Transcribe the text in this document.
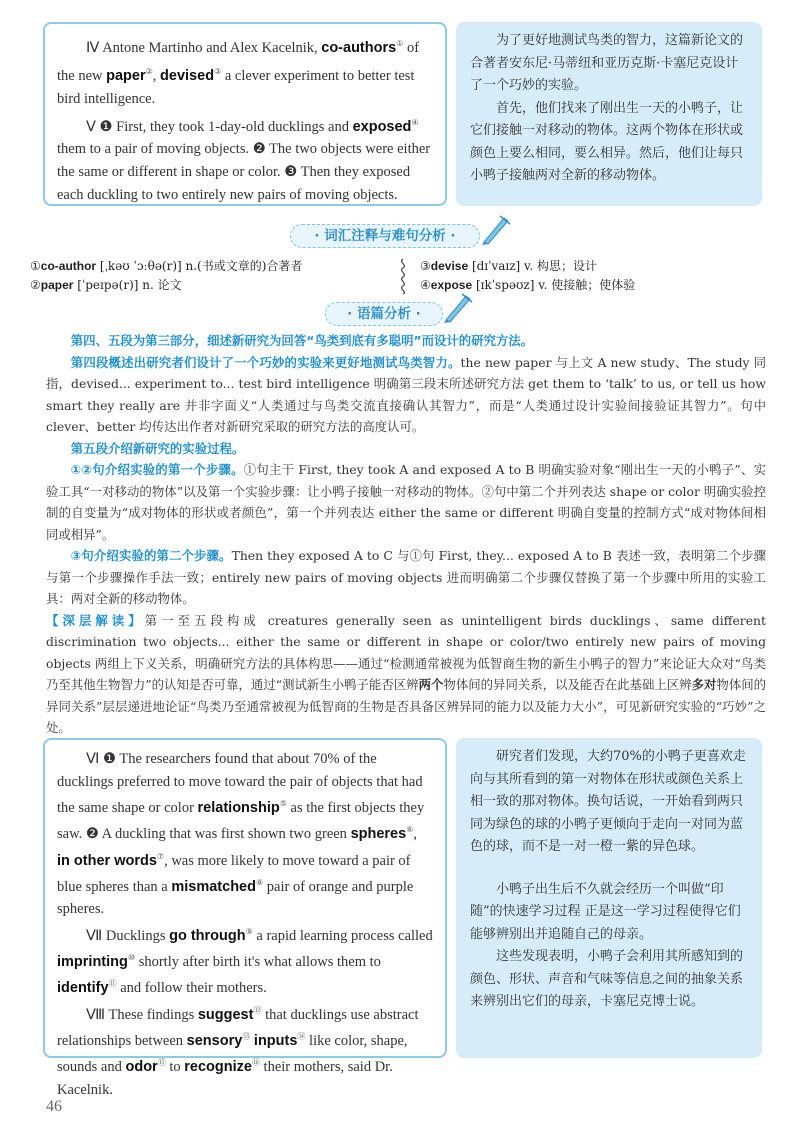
Ⅳ Antone Martinho and Alex Kacelnik, co-authors① of the new paper②, devised③ a clever experiment to better test bird intelligence.

Ⅴ ❶ First, they took 1-day-old ducklings and exposed④ them to a pair of moving objects. ❷ The two objects were either the same or different in shape or color. ❸ Then they exposed each duckling to two entirely new pairs of moving objects.

为了更好地测试鸟类的智力，这篇新论文的合著者安东尼·马蒂纽和亚历克斯·卡塞尼克设计了一个巧妙的实验。

首先，他们找来了刚出生一天的小鸭子，让它们接触一对移动的物体。这两个物体在形状或颜色上要么相同，要么相异。然后，他们让每只小鸭子接触两对全新的移动物体。

· 词汇注释与难句分析 ·
①co-author [ˌkəʊ ˈɔːθə(r)] n.(书或文章的)合著者
②paper [ˈpeɪpə(r)] n. 论文
③devise [dɪˈvaɪz] v. 构思；设计
④expose [ɪkˈspəʊz] v. 使接触；使体验
· 语篇分析 ·

第四、五段为第三部分，细述新研究为回答“鸟类到底有多聪明”而设计的研究方法。

第四段概述出研究者们设计了一个巧妙的实验来更好地测试鸟类智力。the new paper 与上文 A new study、The study 同指，devised... experiment to... test bird intelligence 明确第三段末所述研究方法 get them to ‘talk’ to us, or tell us how smart they really are 并非字面义“人类通过与鸟类交流直接确认其智力”，而是“人类通过设计实验间接验证其智力”。句中 clever、better 均传达出作者对新研究采取的研究方法的高度认可。

第五段介绍新研究的实验过程。

①②句介绍实验的第一个步骤。①句主干 First, they took A and exposed A to B 明确实验对象“刚出生一天的小鸭子”、实验工具“一对移动的物体”以及第一个实验步骤：让小鸭子接触一对移动的物体。②句中第二个并列表达 shape or color 明确实验控制的自变量为“成对物体的形状或者颜色”，第一个并列表达 either the same or different 明确自变量的控制方式“成对物体间相同或相异”。

③句介绍实验的第二个步骤。Then they exposed A to C 与①句 First, they... exposed A to B 表述一致，表明第二个步骤与第一个步骤操作手法一致；entirely new pairs of moving objects 进而明确第二个步骤仅替换了第一个步骤中所用的实验工具：两对全新的移动物体。

【深层解读】第一至五段构成 creatures generally seen as unintelligent birds ducklings、same different discrimination two objects... either the same or different in shape or color/two entirely new pairs of moving objects 两组上下义关系，明确研究方法的具体构思——通过“检测通常被视为低智商生物的新生小鸭子的智力”来论证大众对“鸟类乃至其他生物智力”的认知是否可靠，通过“测试新生小鸭子能否区辨两个物体间的异同关系，以及能否在此基础上区辨多对物体间的异同关系”层层递进地论证“鸟类乃至通常被视为低智商的生物是否具备区辨异同的能力以及能力大小”，可见新研究实验的“巧妙”之处。

Ⅵ ❶ The researchers found that about 70% of the ducklings preferred to move toward the pair of objects that had the same shape or color relationship⑤ as the first objects they saw. ❷ A duckling that was first shown two green spheres⑥, in other words⑦, was more likely to move toward a pair of blue spheres than a mismatched⑧ pair of orange and purple spheres.

Ⅶ Ducklings go through⑨ a rapid learning process called imprinting⑩ shortly after birth it's what allows them to identify⑪ and follow their mothers.

Ⅷ These findings suggest⑫ that ducklings use abstract relationships between sensory⑬ inputs⑭ like color, shape, sounds and odor⑮ to recognize⑯ their mothers, said Dr. Kacelnik.

研究者们发现，大约70%的小鸭子更喜欢走向与其所看到的第一对物体在形状或颜色关系上相一致的那对物体。换句话说，一开始看到两只同为绿色的球的小鸭子更倾向于走向一对同为蓝色的球，而不是一对一橙一紫的异色球。

小鸭子出生后不久就会经历一个叫做“印随”的快速学习过程 正是这一学习过程使得它们能够辨别出并追随自己的母亲。

这些发现表明，小鸭子会利用其所感知到的颜色、形状、声音和气味等信息之间的抽象关系来辨别出它们的母亲，卡塞尼克博士说。

46
